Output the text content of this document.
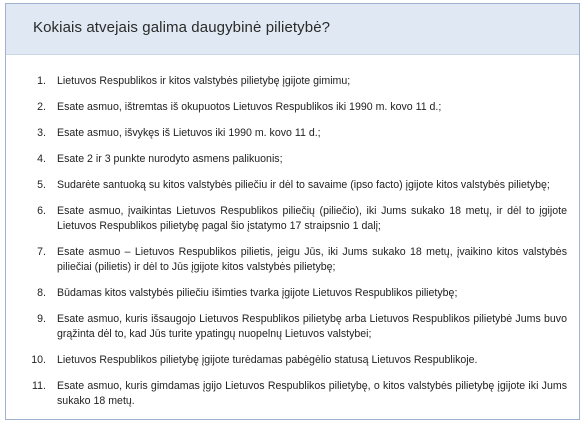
Kokiais atvejais galima daugybinė pilietybė?
1.	Lietuvos Respublikos ir kitos valstybės pilietybę įgijote gimimu;
2.	Esate asmuo, ištremtas iš okupuotos Lietuvos Respublikos iki 1990 m. kovo 11 d.;
3.	Esate asmuo, išvykęs iš Lietuvos iki 1990 m. kovo 11 d.;
4.	Esate 2 ir 3 punkte nurodyto asmens palikuonis;
5.	Sudarėte santuoką su kitos valstybės piliečiu ir dėl to savaime (ipso facto) įgijote kitos valstybės pilietybę;
6.	Esate asmuo, įvaikintas Lietuvos Respublikos piliečių (piliečio), iki Jums sukako 18 metų, ir dėl to įgijote Lietuvos Respublikos pilietybę pagal šio įstatymo 17 straipsnio 1 dalį;
7.	Esate asmuo – Lietuvos Respublikos pilietis, jeigu Jūs, iki Jums sukako 18 metų, įvaikino kitos valstybės piliečiai (pilietis) ir dėl to Jūs įgijote kitos valstybės pilietybę;
8.	Būdamas kitos valstybės piliečiu išimties tvarka įgijote Lietuvos Respublikos pilietybę;
9.	Esate asmuo, kuris išsaugojo Lietuvos Respublikos pilietybę arba Lietuvos Respublikos pilietybė Jums buvo grąžinta dėl to, kad Jūs turite ypatingų nuopelnų Lietuvos valstybei;
10.	Lietuvos Respublikos pilietybę įgijote turėdamas pabėgėlio statusą Lietuvos Respublikoje.
11.	Esate asmuo, kuris gimdamas įgijo Lietuvos Respublikos pilietybę, o kitos valstybės pilietybę įgijote iki Jums sukako 18 metų.
